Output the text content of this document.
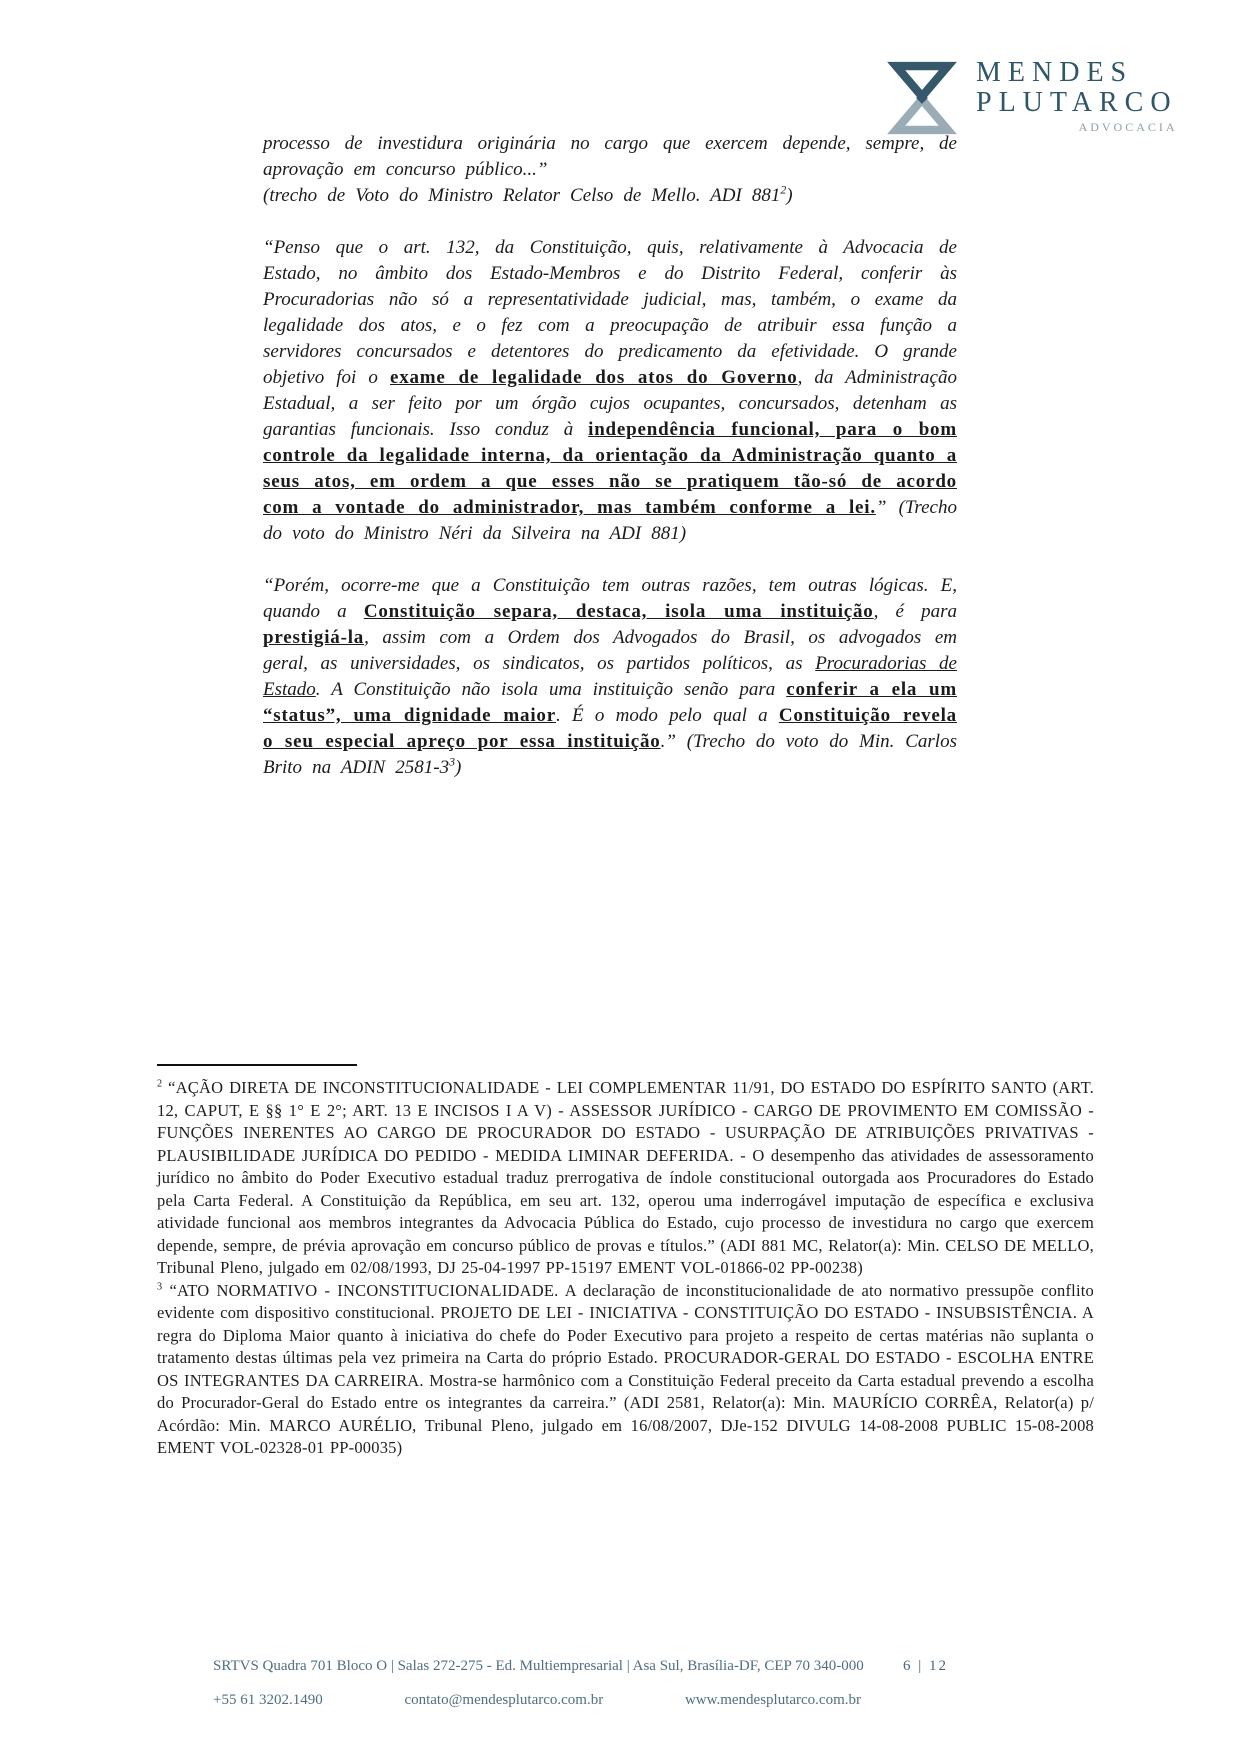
MENDES
PLUTARCO
ADVOCACIA

processo de investidura originária no cargo que exercem depende, sempre, de aprovação em concurso público...”
(trecho de Voto do Ministro Relator Celso de Mello. ADI $881^2$)

“Penso que o art. 132, da Constituição, quis, relativamente à Advocacia de Estado, no âmbito dos Estado-Membros e do Distrito Federal, conferir às Procuradorias não só a representatividade judicial, mas, também, o exame da legalidade dos atos, e o fez com a preocupação de atribuir essa função a servidores concursados e detentores do predicamento da efetividade. O grande objetivo foi o exame de legalidade dos atos do Governo, da Administração Estadual, a ser feito por um órgão cujos ocupantes, concursados, detenham as garantias funcionais. Isso conduz à independência funcional, para o bom controle da legalidade interna, da orientação da Administração quanto a seus atos, em ordem a que esses não se pratiquem tão-só de acordo com a vontade do administrador, mas também conforme a lei.” (Trecho do voto do Ministro Néri da Silveira na ADI 881)

“Porém, ocorre-me que a Constituição tem outras razões, tem outras lógicas. E, quando a Constituição separa, destaca, isola uma instituição, é para prestigiá-la, assim com a Ordem dos Advogados do Brasil, os advogados em geral, as universidades, os sindicatos, os partidos políticos, as Procuradorias de Estado. A Constituição não isola uma instituição senão para conferir a ela um “status”, uma dignidade maior. É o modo pelo qual a Constituição revela o seu especial apreço por essa instituição.” (Trecho do voto do Min. Carlos Brito na ADIN $2581-3^3$)

$^2$ “AÇÃO DIRETA DE INCONSTITUCIONALIDADE - LEI COMPLEMENTAR 11/91, DO ESTADO DO ESPÍRITO SANTO (ART. 12, CAPUT, E §§ 1° E 2°; ART. 13 E INCISOS I A V) - ASSESSOR JURÍDICO - CARGO DE PROVIMENTO EM COMISSÃO - FUNÇÕES INERENTES AO CARGO DE PROCURADOR DO ESTADO - USURPAÇÃO DE ATRIBUIÇÕES PRIVATIVAS - PLAUSIBILIDADE JURÍDICA DO PEDIDO - MEDIDA LIMINAR DEFERIDA. - O desempenho das atividades de assessoramento jurídico no âmbito do Poder Executivo estadual traduz prerrogativa de índole constitucional outorgada aos Procuradores do Estado pela Carta Federal. A Constituição da República, em seu art. 132, operou uma inderrogável imputação de específica e exclusiva atividade funcional aos membros integrantes da Advocacia Pública do Estado, cujo processo de investidura no cargo que exercem depende, sempre, de prévia aprovação em concurso público de provas e títulos.” (ADI 881 MC, Relator(a): Min. CELSO DE MELLO, Tribunal Pleno, julgado em 02/08/1993, DJ 25-04-1997 PP-15197 EMENT VOL-01866-02 PP-00238)

$^3$ “ATO NORMATIVO - INCONSTITUCIONALIDADE. A declaração de inconstitucionalidade de ato normativo pressupõe conflito evidente com dispositivo constitucional. PROJETO DE LEI - INICIATIVA - CONSTITUIÇÃO DO ESTADO - INSUBSISTÊNCIA. A regra do Diploma Maior quanto à iniciativa do chefe do Poder Executivo para projeto a respeito de certas matérias não suplanta o tratamento destas últimas pela vez primeira na Carta do próprio Estado. PROCURADOR-GERAL DO ESTADO - ESCOLHA ENTRE OS INTEGRANTES DA CARREIRA. Mostra-se harmônico com a Constituição Federal preceito da Carta estadual prevendo a escolha do Procurador-Geral do Estado entre os integrantes da carreira.” (ADI 2581, Relator(a): Min. MAURÍCIO CORRÊA, Relator(a) p/ Acórdão: Min. MARCO AURÉLIO, Tribunal Pleno, julgado em 16/08/2007, DJe-152 DIVULG 14-08-2008 PUBLIC 15-08-2008 EMENT VOL-02328-01 PP-00035)

SRTVS Quadra 701 Bloco O | Salas 272-275 - Ed. Multiempresarial | Asa Sul, Brasília-DF, CEP 70 340-000	6 | 12
+55 61 3202.1490	contato@mendesplutarco.com.br	www.mendesplutarco.com.br
